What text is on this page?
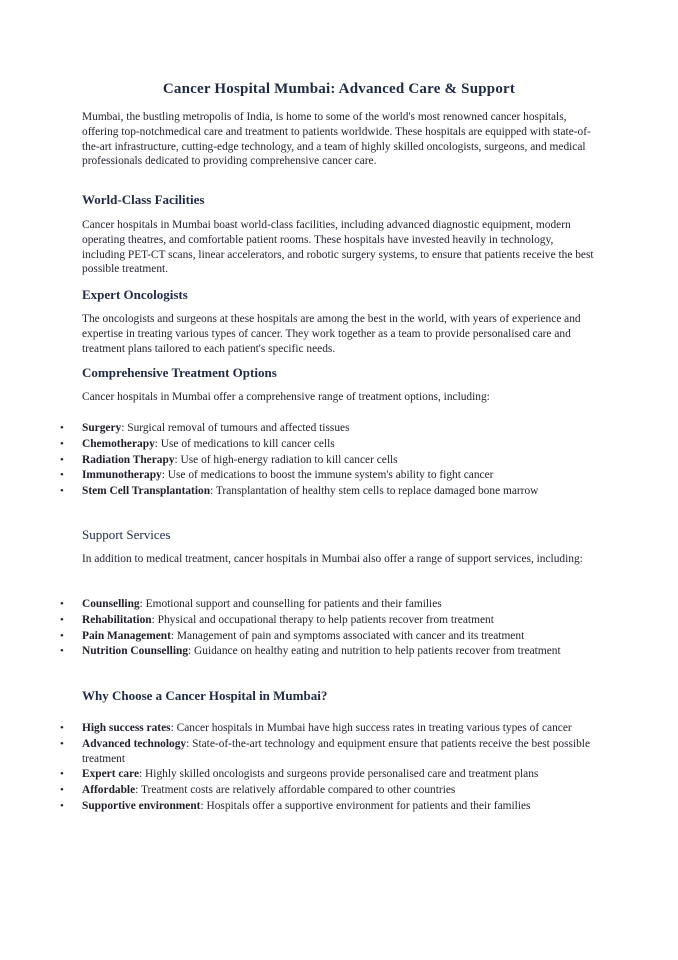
Cancer Hospital Mumbai: Advanced Care & Support

Mumbai, the bustling metropolis of India, is home to some of the world's most renowned cancer hospitals, offering top-notchmedical care and treatment to patients worldwide. These hospitals are equipped with state-of-the-art infrastructure, cutting-edge technology, and a team of highly skilled oncologists, surgeons, and medical professionals dedicated to providing comprehensive cancer care.

World-Class Facilities

Cancer hospitals in Mumbai boast world-class facilities, including advanced diagnostic equipment, modern operating theatres, and comfortable patient rooms. These hospitals have invested heavily in technology, including PET-CT scans, linear accelerators, and robotic surgery systems, to ensure that patients receive the best possible treatment.

Expert Oncologists

The oncologists and surgeons at these hospitals are among the best in the world, with years of experience and expertise in treating various types of cancer. They work together as a team to provide personalised care and treatment plans tailored to each patient's specific needs.

Comprehensive Treatment Options

Cancer hospitals in Mumbai offer a comprehensive range of treatment options, including:

• Surgery: Surgical removal of tumours and affected tissues
• Chemotherapy: Use of medications to kill cancer cells
• Radiation Therapy: Use of high-energy radiation to kill cancer cells
• Immunotherapy: Use of medications to boost the immune system's ability to fight cancer
• Stem Cell Transplantation: Transplantation of healthy stem cells to replace damaged bone marrow
Support Services

In addition to medical treatment, cancer hospitals in Mumbai also offer a range of support services, including:

• Counselling: Emotional support and counselling for patients and their families
• Rehabilitation: Physical and occupational therapy to help patients recover from treatment
• Pain Management: Management of pain and symptoms associated with cancer and its treatment
• Nutrition Counselling: Guidance on healthy eating and nutrition to help patients recover from treatment
Why Choose a Cancer Hospital in Mumbai?
• High success rates: Cancer hospitals in Mumbai have high success rates in treating various types of cancer
• Advanced technology: State-of-the-art technology and equipment ensure that patients receive the best possible treatment
• Expert care: Highly skilled oncologists and surgeons provide personalised care and treatment plans
• Affordable: Treatment costs are relatively affordable compared to other countries
• Supportive environment: Hospitals offer a supportive environment for patients and their families
